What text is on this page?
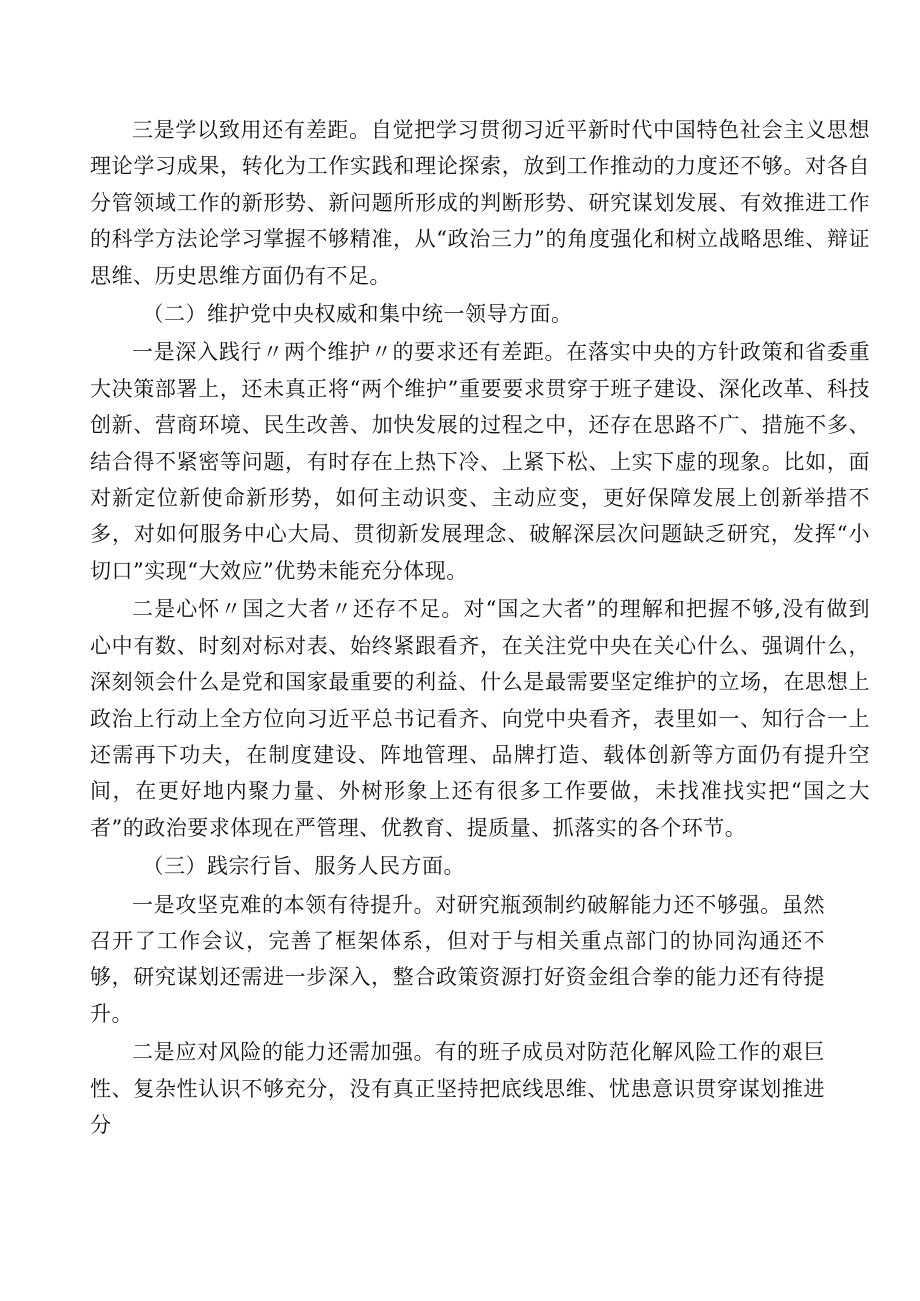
三是学以致用还有差距。自觉把学习贯彻习近平新时代中国特色社会主义思想理论学习成果，转化为工作实践和理论探索，放到工作推动的力度还不够。对各自分管领域工作的新形势、新问题所形成的判断形势、研究谋划发展、有效推进工作的科学方法论学习掌握不够精准，从“政治三力”的角度强化和树立战略思维、辩证思维、历史思维方面仍有不足。

（二）维护党中央权威和集中统一领导方面。

一是深入践行〃两个维护〃的要求还有差距。在落实中央的方针政策和省委重大决策部署上，还未真正将“两个维护”重要要求贯穿于班子建设、深化改革、科技创新、营商环境、民生改善、加快发展的过程之中，还存在思路不广、措施不多、结合得不紧密等问题，有时存在上热下冷、上紧下松、上实下虚的现象。比如，面对新定位新使命新形势，如何主动识变、主动应变，更好保障发展上创新举措不多，对如何服务中心大局、贯彻新发展理念、破解深层次问题缺乏研究，发挥“小切口”实现“大效应”优势未能充分体现。

二是心怀〃国之大者〃还存不足。对“国之大者”的理解和把握不够,没有做到心中有数、时刻对标对表、始终紧跟看齐，在关注党中央在关心什么、强调什么，深刻领会什么是党和国家最重要的利益、什么是最需要坚定维护的立场，在思想上政治上行动上全方位向习近平总书记看齐、向党中央看齐，表里如一、知行合一上还需再下功夫，在制度建设、阵地管理、品牌打造、载体创新等方面仍有提升空间，在更好地内聚力量、外树形象上还有很多工作要做，未找准找实把“国之大者”的政治要求体现在严管理、优教育、提质量、抓落实的各个环节。

（三）践宗行旨、服务人民方面。

一是攻坚克难的本领有待提升。对研究瓶颈制约破解能力还不够强。虽然召开了工作会议，完善了框架体系，但对于与相关重点部门的协同沟通还不够，研究谋划还需进一步深入，整合政策资源打好资金组合拳的能力还有待提升。

二是应对风险的能力还需加强。有的班子成员对防范化解风险工作的艰巨性、复杂性认识不够充分，没有真正坚持把底线思维、忧患意识贯穿谋划推进分
